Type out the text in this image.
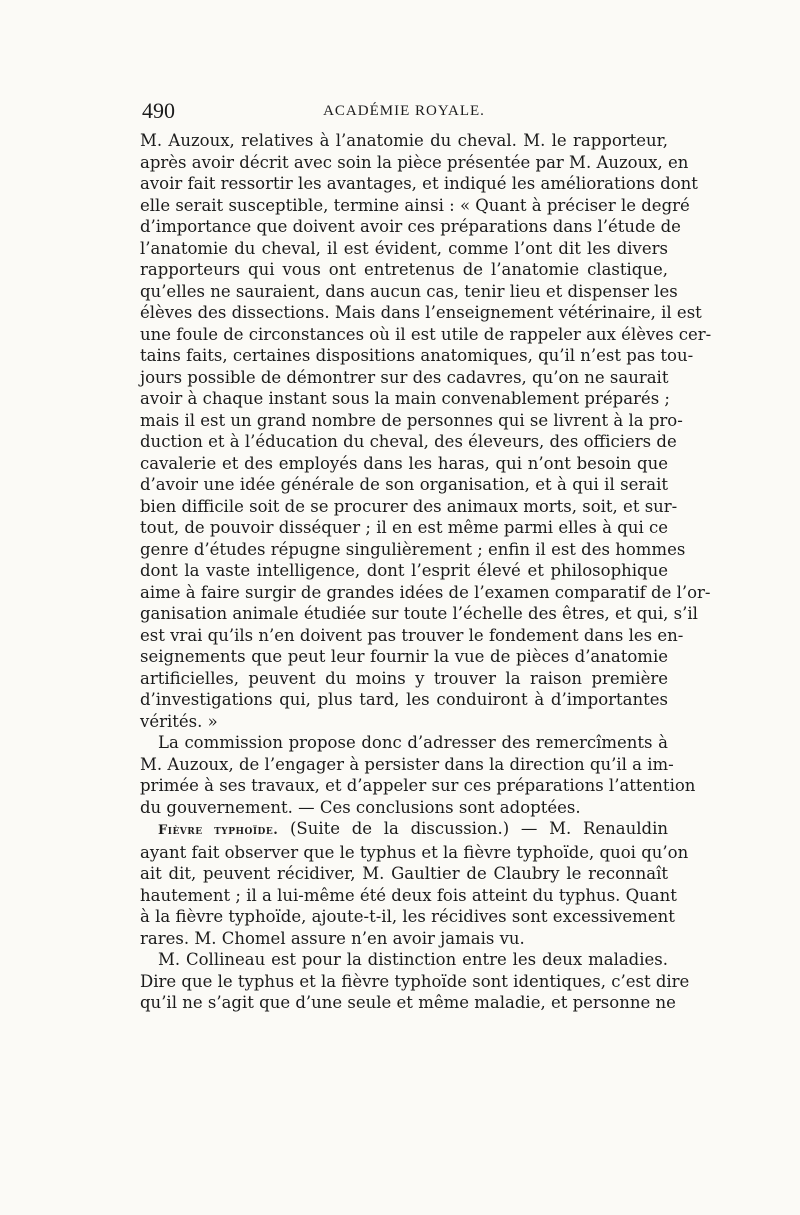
490	ACADÉMIE ROYALE.
M. Auzoux, relatives à l’anatomie du cheval. M. le rapporteur,
après avoir décrit avec soin la pièce présentée par M. Auzoux, en
avoir fait ressortir les avantages, et indiqué les améliorations dont
elle serait susceptible, termine ainsi : « Quant à préciser le degré
d’importance que doivent avoir ces préparations dans l’étude de
l’anatomie du cheval, il est évident, comme l’ont dit les divers
rapporteurs qui vous ont entretenus de l’anatomie clastique,
qu’elles ne sauraient, dans aucun cas, tenir lieu et dispenser les
élèves des dissections. Mais dans l’enseignement vétérinaire, il est
une foule de circonstances où il est utile de rappeler aux élèves cer-
tains faits, certaines dispositions anatomiques, qu’il n’est pas tou-
jours possible de démontrer sur des cadavres, qu’on ne saurait
avoir à chaque instant sous la main convenablement préparés ;
mais il est un grand nombre de personnes qui se livrent à la pro-
duction et à l’éducation du cheval, des éleveurs, des officiers de
cavalerie et des employés dans les haras, qui n’ont besoin que
d’avoir une idée générale de son organisation, et à qui il serait
bien difficile soit de se procurer des animaux morts, soit, et sur-
tout, de pouvoir disséquer ; il en est même parmi elles à qui ce
genre d’études répugne singulièrement ; enfin il est des hommes
dont la vaste intelligence, dont l’esprit élevé et philosophique
aime à faire surgir de grandes idées de l’examen comparatif de l’or-
ganisation animale étudiée sur toute l’échelle des êtres, et qui, s’il
est vrai qu’ils n’en doivent pas trouver le fondement dans les en-
seignements que peut leur fournir la vue de pièces d’anatomie
artificielles, peuvent du moins y trouver la raison première
d’investigations qui, plus tard, les conduiront à d’importantes
vérités. »
La commission propose donc d’adresser des remercîments à
M. Auzoux, de l’engager à persister dans la direction qu’il a im-
primée à ses travaux, et d’appeler sur ces préparations l’attention
du gouvernement. — Ces conclusions sont adoptées.
Fièvre typhoïde. (Suite de la discussion.) — M. Renauldin
ayant fait observer que le typhus et la fièvre typhoïde, quoi qu’on
ait dit, peuvent récidiver, M. Gaultier de Claubry le reconnaît
hautement ; il a lui-même été deux fois atteint du typhus. Quant
à la fièvre typhoïde, ajoute-t-il, les récidives sont excessivement
rares. M. Chomel assure n’en avoir jamais vu.
M. Collineau est pour la distinction entre les deux maladies.
Dire que le typhus et la fièvre typhoïde sont identiques, c’est dire
qu’il ne s’agit que d’une seule et même maladie, et personne ne
